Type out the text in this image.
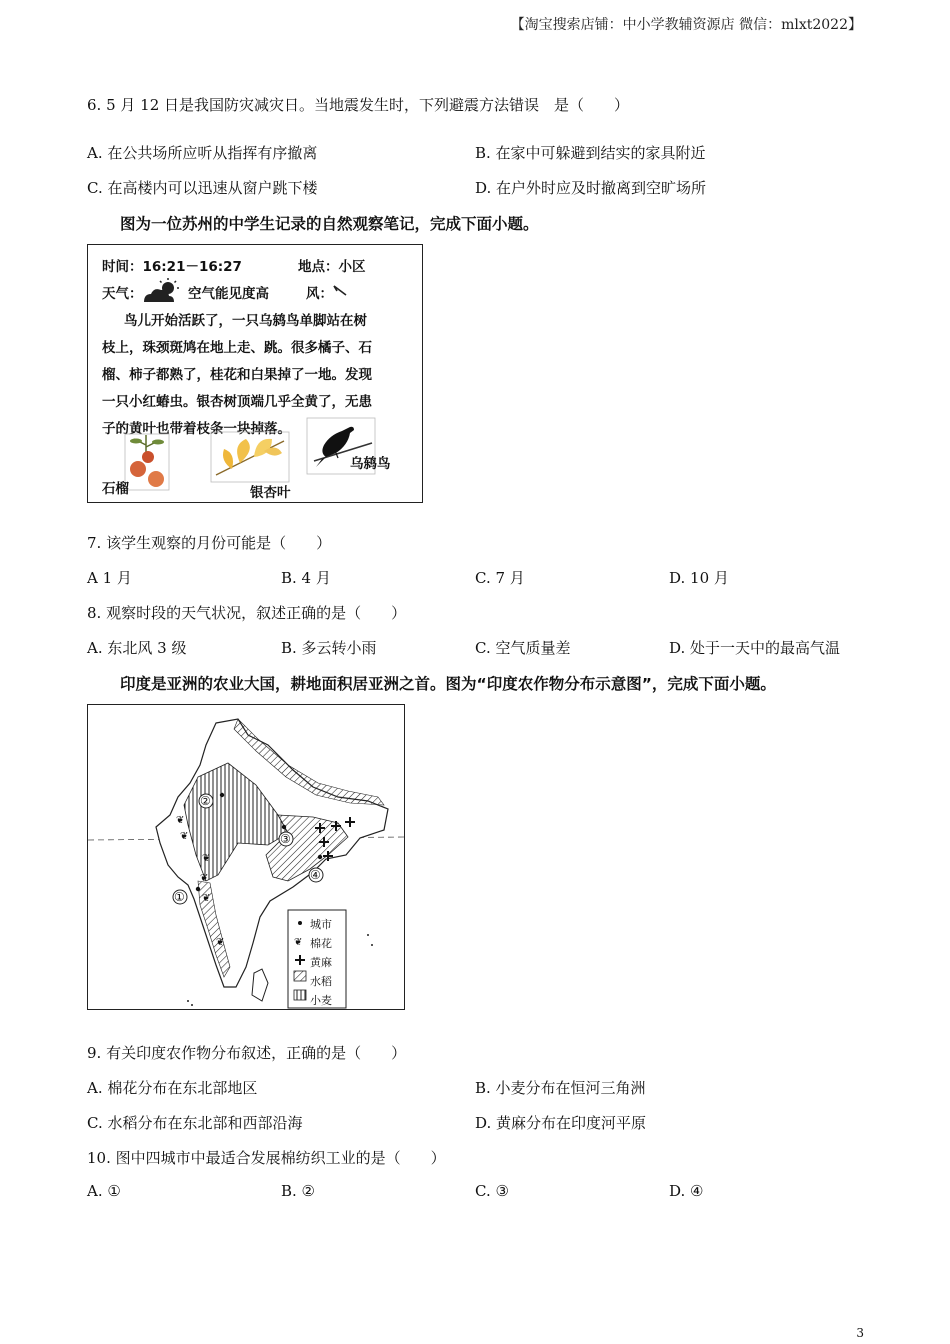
【淘宝搜索店铺：中小学教辅资源店 微信：mlxt2022】
6. 5 月 12 日是我国防灾减灾日。当地震发生时，下列避震方法错误　是（　　）
A. 在公共场所应听从指挥有序撤离	B. 在家中可躲避到结实的家具附近
C. 在高楼内可以迅速从窗户跳下楼	D. 在户外时应及时撤离到空旷场所
图为一位苏州的中学生记录的自然观察笔记，完成下面小题。
时间：16:21－16:27	地点：小区
天气：	空气能见度高	风：
鸟儿开始活跃了，一只乌鸫鸟单脚站在树
枝上，珠颈斑鸠在地上走、跳。很多橘子、石
榴、柿子都熟了，桂花和白果掉了一地。发现
一只小红蝽虫。银杏树顶端几乎全黄了，无患
子的黄叶也带着枝条一块掉落。
石榴	银杏叶
乌鸫鸟
7. 该学生观察的月份可能是（　　）
A 1 月	B. 4 月	C. 7 月	D. 10 月
8. 观察时段的天气状况，叙述正确的是（　　）
A. 东北风 3 级	B. 多云转小雨	C. 空气质量差	D. 处于一天中的最高气温
印度是亚洲的农业大国，耕地面积居亚洲之首。图为“印度农作物分布示意图”，完成下面小题。
❦
❦
❦
❦
❦
❦	❦
①
②
③
④
城市
棉花
黄麻
水稻
小麦
9. 有关印度农作物分布叙述，正确的是（　　）
A. 棉花分布在东北部地区	B. 小麦分布在恒河三角洲
C. 水稻分布在东北部和西部沿海	D. 黄麻分布在印度河平原
10. 图中四城市中最适合发展棉纺织工业的是（　　）
A. ①	B. ②	C. ③	D. ④
3
